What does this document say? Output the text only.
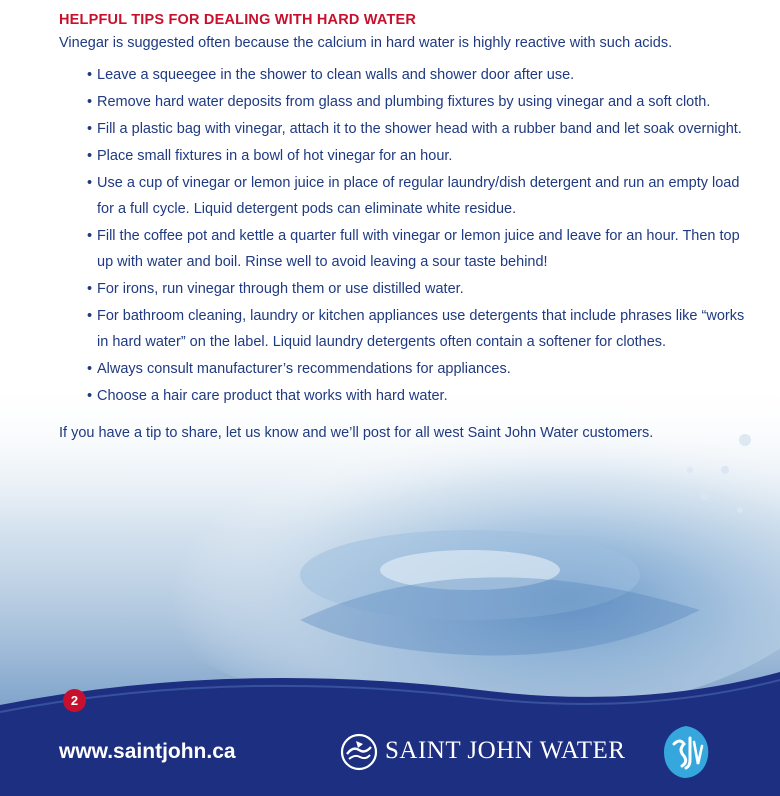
HELPFUL TIPS FOR DEALING WITH HARD WATER

Vinegar is suggested often because the calcium in hard water is highly reactive with such acids.

• Leave a squeegee in the shower to clean walls and shower door after use.
• Remove hard water deposits from glass and plumbing fixtures by using vinegar and a soft cloth.
• Fill a plastic bag with vinegar, attach it to the shower head with a rubber band and let soak overnight.
• Place small fixtures in a bowl of hot vinegar for an hour.
• Use a cup of vinegar or lemon juice in place of regular laundry/dish detergent and run an empty load for a full cycle. Liquid detergent pods can eliminate white residue.
• Fill the coffee pot and kettle a quarter full with vinegar or lemon juice and leave for an hour. Then top up with water and boil. Rinse well to avoid leaving a sour taste behind!
• For irons, run vinegar through them or use distilled water.
• For bathroom cleaning, laundry or kitchen appliances use detergents that include phrases like “works in hard water” on the label. Liquid laundry detergents often contain a softener for clothes.
• Always consult manufacturer’s recommendations for appliances.
• Choose a hair care product that works with hard water.

If you have a tip to share, let us know and we’ll post for all west Saint John Water customers.

2
www.saintjohn.ca	SAINT JOHN WATER
